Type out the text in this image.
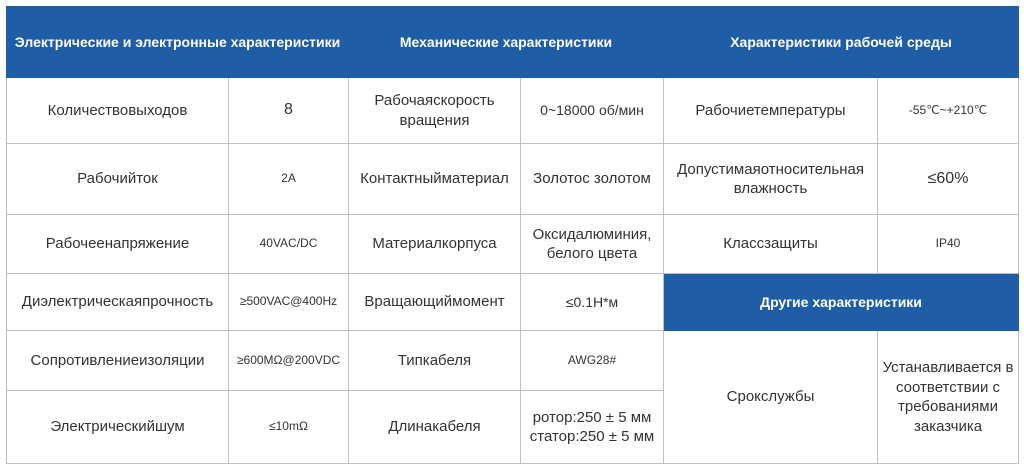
Электрические и электронные характеристики		Механические характеристики		Характеристики рабочей среды	
Количествовыходов	8	Рабочаяскорость вращения	0~18000 об/мин	Рабочиетемпературы	-55℃~+210℃
Рабочийток	2A	Контактныйматериал	Золотос золотом	Допустимаяотносительная влажность	≤60%
Рабочеенапряжение	40VAC/DC	Материалкорпуса	Оксидалюминия, белого цвета	Классзащиты	IP40
Диэлектрическаяпрочность	≥500VAC@400Hz	Вращающиймомент	≤0.1Н*м	Другие характеристики	
Сопротивлениеизоляции	≥600MΩ@200VDC	Типкабеля	AWG28#	Срокслужбы	Устанавливается в соответствии с требованиями заказчика
Электрическийшум	≤10mΩ	Длинакабеля	ротор:250 ± 5 мм статор:250 ± 5 мм		
